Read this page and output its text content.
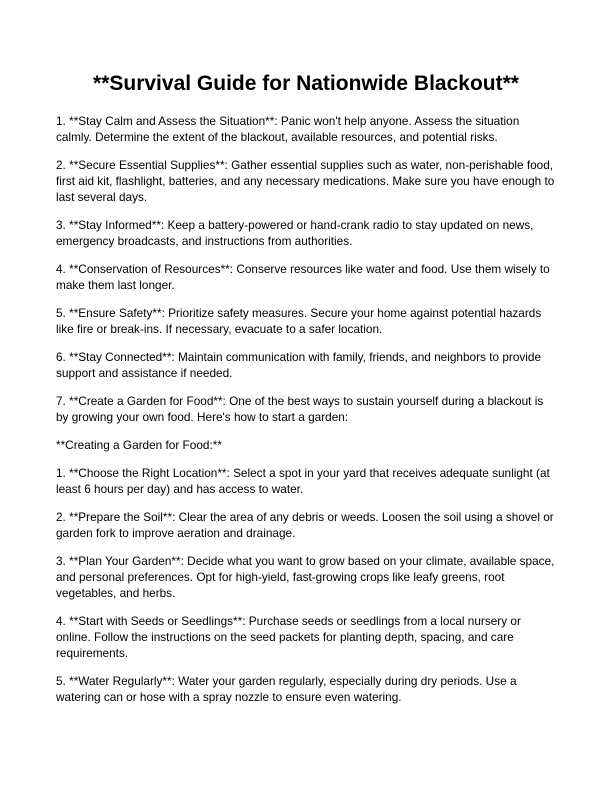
**Survival Guide for Nationwide Blackout**

1. **Stay Calm and Assess the Situation**: Panic won't help anyone. Assess the situation calmly. Determine the extent of the blackout, available resources, and potential risks.

2. **Secure Essential Supplies**: Gather essential supplies such as water, non-perishable food, first aid kit, flashlight, batteries, and any necessary medications. Make sure you have enough to last several days.

3. **Stay Informed**: Keep a battery-powered or hand-crank radio to stay updated on news, emergency broadcasts, and instructions from authorities.

4. **Conservation of Resources**: Conserve resources like water and food. Use them wisely to make them last longer.

5. **Ensure Safety**: Prioritize safety measures. Secure your home against potential hazards like fire or break-ins. If necessary, evacuate to a safer location.

6. **Stay Connected**: Maintain communication with family, friends, and neighbors to provide support and assistance if needed.

7. **Create a Garden for Food**: One of the best ways to sustain yourself during a blackout is by growing your own food. Here's how to start a garden:

**Creating a Garden for Food:**

1. **Choose the Right Location**: Select a spot in your yard that receives adequate sunlight (at least 6 hours per day) and has access to water.

2. **Prepare the Soil**: Clear the area of any debris or weeds. Loosen the soil using a shovel or garden fork to improve aeration and drainage.

3. **Plan Your Garden**: Decide what you want to grow based on your climate, available space, and personal preferences. Opt for high-yield, fast-growing crops like leafy greens, root vegetables, and herbs.

4. **Start with Seeds or Seedlings**: Purchase seeds or seedlings from a local nursery or online. Follow the instructions on the seed packets for planting depth, spacing, and care requirements.

5. **Water Regularly**: Water your garden regularly, especially during dry periods. Use a watering can or hose with a spray nozzle to ensure even watering.
